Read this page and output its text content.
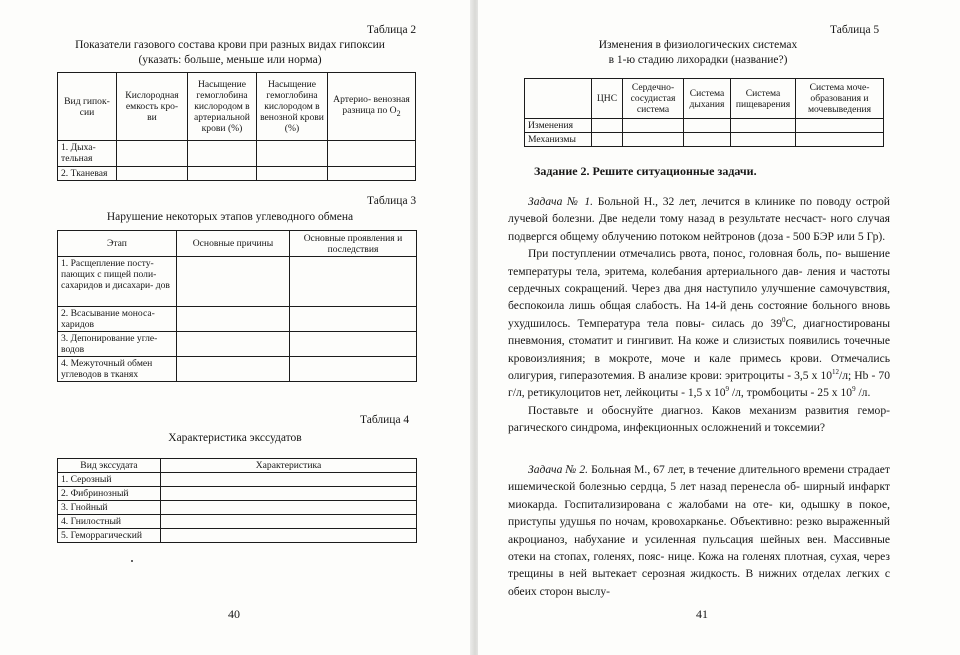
Таблица 2
Показатели газового состава крови при разных видах гипоксии
(указать: больше, меньше или норма)
Вид гипок- сии	Кислородная емкость кро- ви	Насыщение гемоглобина кислородом в артериальной крови (%)	Насыщение гемоглобина кислородом в венозной крови (%)	Артерио- венозная разница по $O_2$
1. Дыха- тельная				
2. Тканевая				
Таблица 3
Нарушение некоторых этапов углеводного обмена
Этап	Основные причины	Основные проявления и последствия
1. Расщепление посту- пающих с пищей поли- сахаридов и дисахари- дов		
2. Всасывание моноса- харидов		
3. Депонирование угле- водов		
4. Межуточный обмен углеводов в тканях		
Таблица 4
Характеристика экссудатов
Вид экссудата	Характеристика
1. Серозный	
2. Фибринозный	
3. Гнойный	
4. Гнилостный	
5. Геморрагический	
40
Таблица 5
Изменения в физиологических системах
в 1-ю стадию лихорадки (название?)
	ЦНС	Сердечно- сосудистая система	Система дыхания	Система пищеварения	Система моче- образования и мочевыведения
Изменения					
Механизмы					
Задание 2. Решите ситуационные задачи.

Задача № 1. Больной Н., 32 лет, лечится в клинике по поводу острой лучевой болезни. Две недели тому назад в результате несчаст- ного случая подвергся общему облучению потоком нейтронов (доза - 500 БЭР или 5 Гр).

При поступлении отмечались рвота, понос, головная боль, по- вышение температуры тела, эритема, колебания артериального дав- ления и частоты сердечных сокращений. Через два дня наступило улучшение самочувствия, беспокоила лишь общая слабость. На 14-й день состояние больного вновь ухудшилось. Температура тела повы- силась до $39^0С$, диагностированы пневмония, стоматит и гингивит. На коже и слизистых появились точечные кровоизлияния; в мокроте, моче и кале примесь крови. Отмечались олигурия, гиперазотемия. В анализе крови: эритроциты - 3,5 х $10^{12}/л$; Hb - 70 г/л, ретикулоцитов нет, лейкоциты - 1,5 х $10^9$ /л, тромбоциты - 25 х $10^9$ /л.

Поставьте и обоснуйте диагноз. Каков механизм развития гемор- рагического синдрома, инфекционных осложнений и токсемии?

Задача № 2. Больная М., 67 лет, в течение длительного времени страдает ишемической болезнью сердца, 5 лет назад перенесла об- ширный инфаркт миокарда. Госпитализирована с жалобами на оте- ки, одышку в покое, приступы удушья по ночам, кровохарканье. Объективно: резко выраженный акроцианоз, набухание и усиленная пульсация шейных вен. Массивные отеки на стопах, голенях, пояс- нице. Кожа на голенях плотная, сухая, через трещины в ней вытекает серозная жидкость. В нижних отделах легких с обеих сторон выслу-

41
